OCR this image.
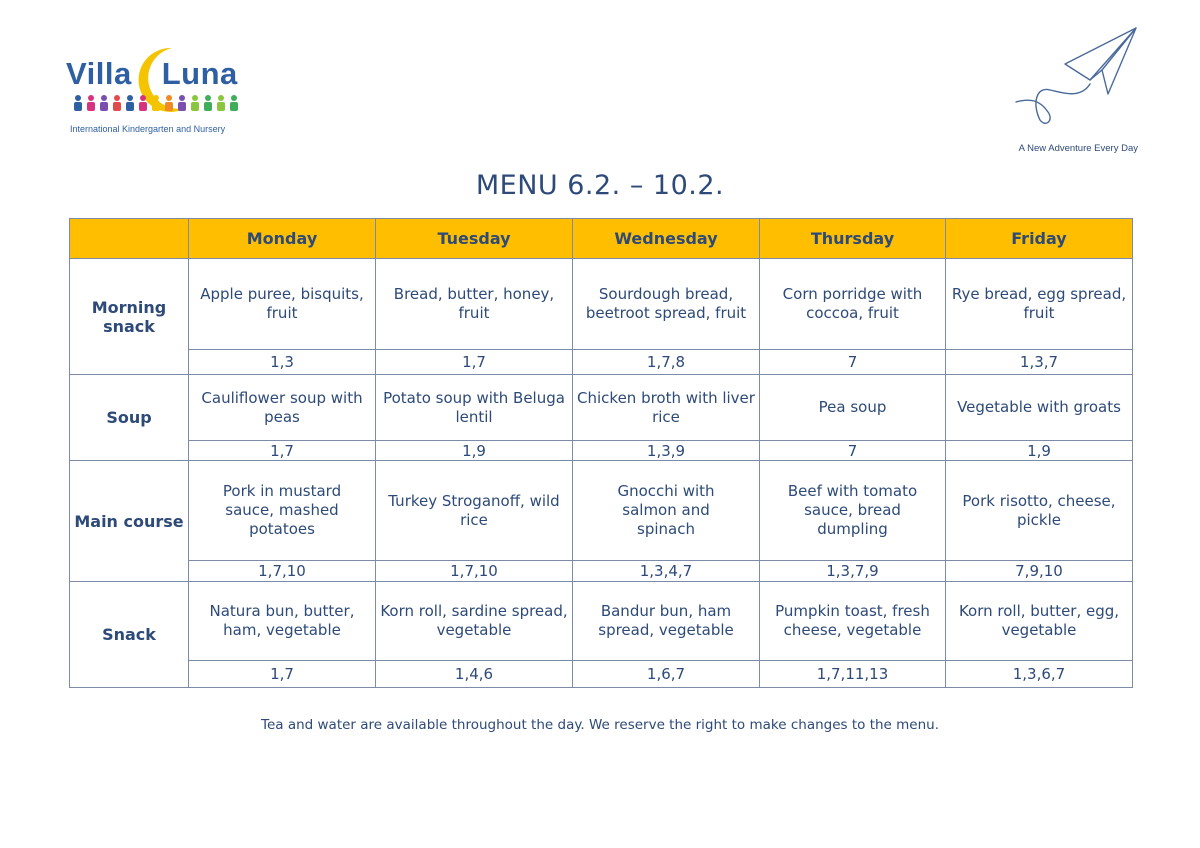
Villa Luna
International Kindergarten and Nursery
A New Adventure Every Day
MENU 6.2. – 10.2.
	Monday	Tuesday	Wednesday	Thursday	Friday
Morning snack	Apple puree, bisquits, fruit	Bread, butter, honey, fruit	Sourdough bread, beetroot spread, fruit	Corn porridge with coccoa, fruit	Rye bread, egg spread, fruit
	1,3	1,7	1,7,8	7	1,3,7
Soup	Cauliflower soup with peas	Potato soup with Beluga lentil	Chicken broth with liver rice	Pea soup	Vegetable with groats
	1,7	1,9	1,3,9	7	1,9
Main course	Pork in mustard sauce, mashed potatoes	Turkey Stroganoff, wild rice	Gnocchi with salmon and spinach	Beef with tomato sauce, bread dumpling	Pork risotto, cheese, pickle
	1,7,10	1,7,10	1,3,4,7	1,3,7,9	7,9,10
Snack	Natura bun, butter, ham, vegetable	Korn roll, sardine spread, vegetable	Bandur bun, ham spread, vegetable	Pumpkin toast, fresh cheese, vegetable	Korn roll, butter, egg, vegetable
	1,7	1,4,6	1,6,7	1,7,11,13	1,3,6,7
Tea and water are available throughout the day. We reserve the right to make changes to the menu.
